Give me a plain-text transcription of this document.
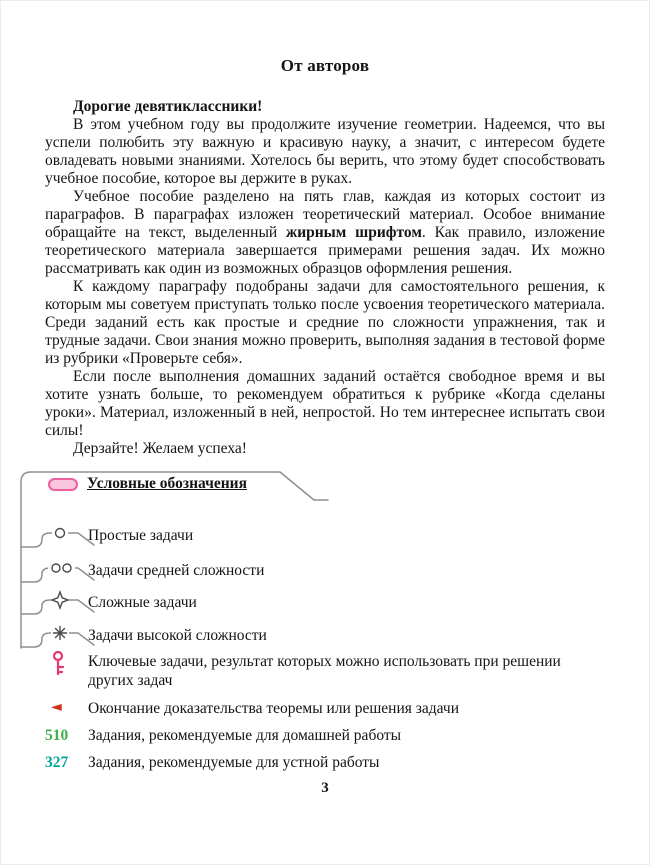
От авторов

Дорогие девятиклассники!

В этом учебном году вы продолжите изучение геометрии. Надеемся, что вы успели полюбить эту важную и красивую науку, а значит, с интересом будете овладевать новыми знаниями. Хотелось бы верить, что этому будет способствовать учебное пособие, которое вы держите в руках.

Учебное пособие разделено на пять глав, каждая из которых состоит из параграфов. В параграфах изложен теоретический материал. Особое внимание обращайте на текст, выделенный жирным шрифтом. Как правило, изложение теоретического материала завершается примерами решения задач. Их можно рассматривать как один из возможных образцов оформления решения.

К каждому параграфу подобраны задачи для самостоятельного решения, к которым мы советуем приступать только после усвоения теоретического материала. Среди заданий есть как простые и средние по сложности упражнения, так и трудные задачи. Свои знания можно проверить, выполняя задания в тестовой форме из рубрики «Проверьте себя».

Если после выполнения домашних заданий остаётся свободное время и вы хотите узнать больше, то рекомендуем обратиться к рубрике «Когда сделаны уроки». Материал, изложенный в ней, непростой. Но тем интереснее испытать свои силы!

Дерзайте! Желаем успеха!

Условные обозначения
Простые задачи
Задачи средней сложности
Сложные задачи
Задачи высокой сложности
Ключевые задачи, результат которых можно использовать при решении других задач
◄ Окончание доказательства теоремы или решения задачи
510 Задания, рекомендуемые для домашней работы
327 Задания, рекомендуемые для устной работы
3
